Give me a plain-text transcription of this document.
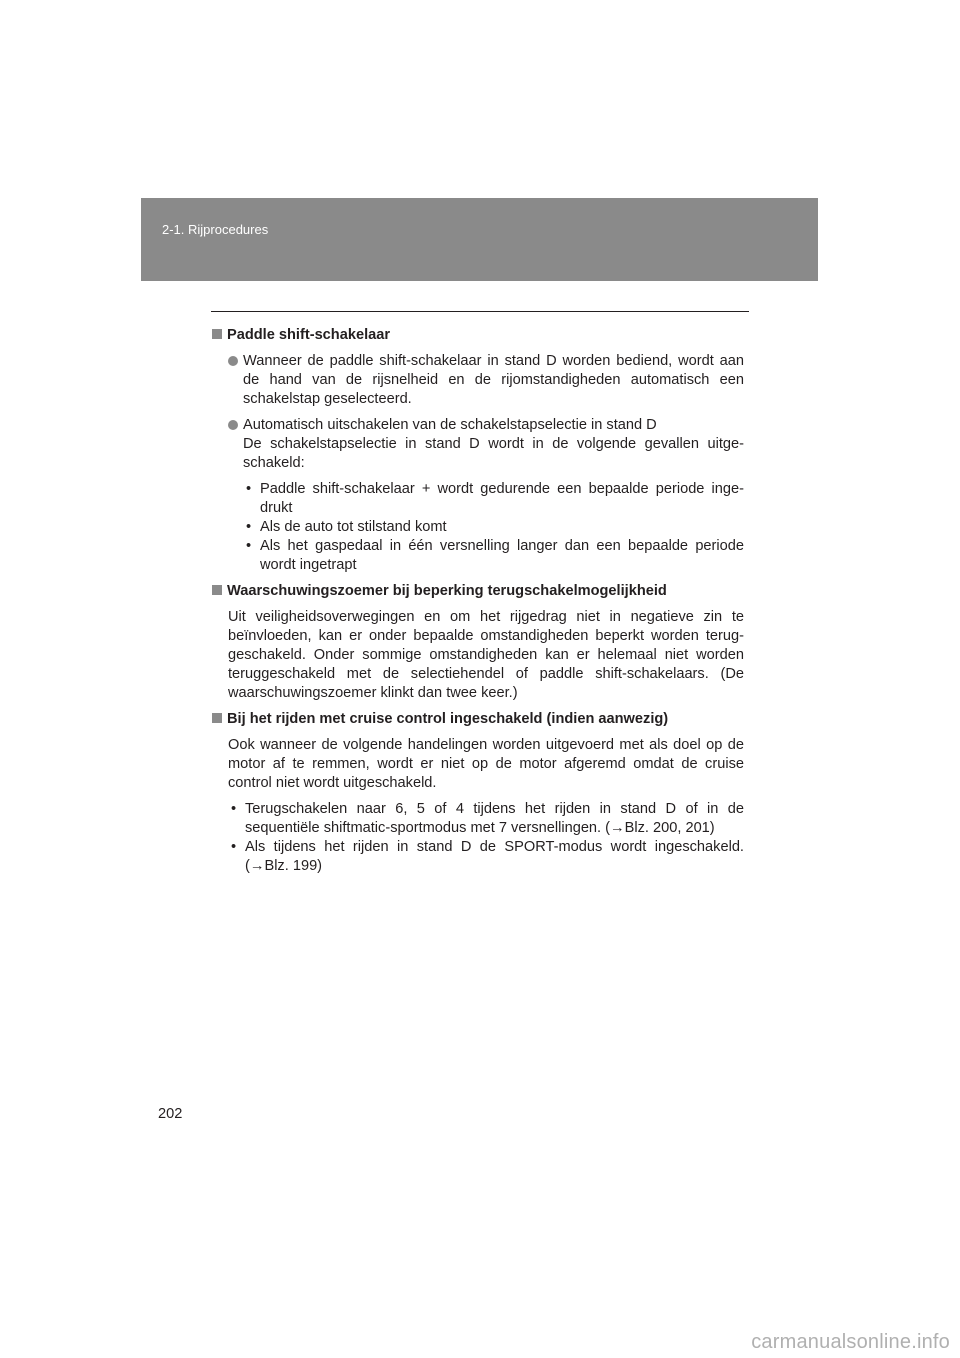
2-1. Rijprocedures
Paddle shift-schakelaar
Wanneer de paddle shift-schakelaar in stand D worden bediend, wordt aan de hand van de rijsnelheid en de rijomstandigheden automatisch een schakelstap geselecteerd.
Automatisch uitschakelen van de schakelstapselectie in stand D
De schakelstapselectie in stand D wordt in de volgende gevallen uitgeschakeld:
• Paddle shift-schakelaar + wordt gedurende een bepaalde periode ingedrukt
• Als de auto tot stilstand komt
• Als het gaspedaal in één versnelling langer dan een bepaalde periode wordt ingetrapt
Waarschuwingszoemer bij beperking terugschakelmogelijkheid
Uit veiligheidsoverwegingen en om het rijgedrag niet in negatieve zin te beïnvloeden, kan er onder bepaalde omstandigheden beperkt worden teruggeschakeld. Onder sommige omstandigheden kan er helemaal niet worden teruggeschakeld met de selectiehendel of paddle shift-schakelaars. (De waarschuwingszoemer klinkt dan twee keer.)
Bij het rijden met cruise control ingeschakeld (indien aanwezig)
Ook wanneer de volgende handelingen worden uitgevoerd met als doel op de motor af te remmen, wordt er niet op de motor afgeremd omdat de cruise control niet wordt uitgeschakeld.
• Terugschakelen naar 6, 5 of 4 tijdens het rijden in stand D of in de sequentiële shiftmatic-sportmodus met 7 versnellingen. (→Blz. 200, 201)
• Als tijdens het rijden in stand D de SPORT-modus wordt ingeschakeld. (→Blz. 199)
202
carmanualsonline.info
